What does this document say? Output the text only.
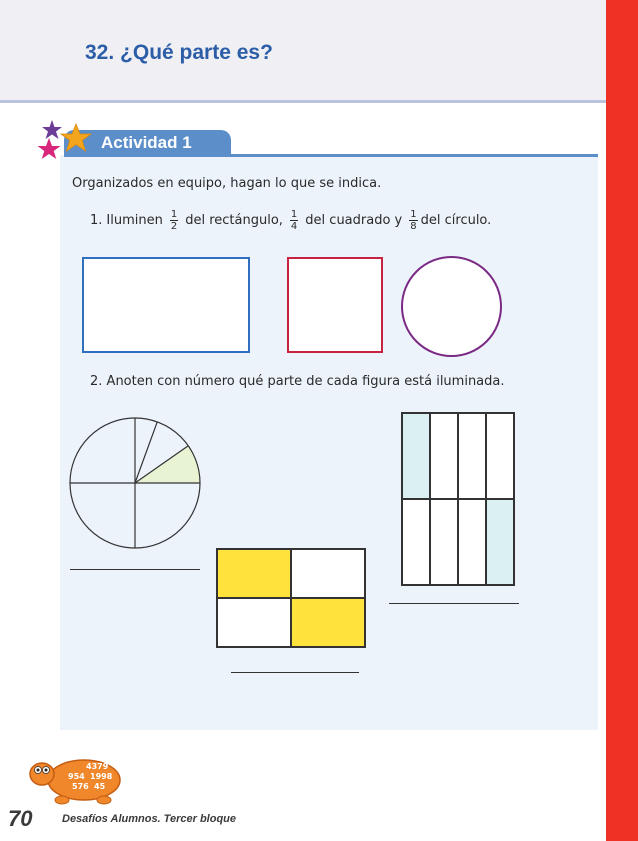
32. ¿Qué parte es?
Actividad 1
Organizados en equipo, hagan lo que se indica.
1. Iluminen $\frac{1}{2}$ del rectángulo, $\frac{1}{4}$ del cuadrado y $\frac{1}{8}$ del círculo.
2. Anoten con número qué parte de cada figura está iluminada.
4379
954 1998
576 45
70	Desafíos Alumnos. Tercer bloque
